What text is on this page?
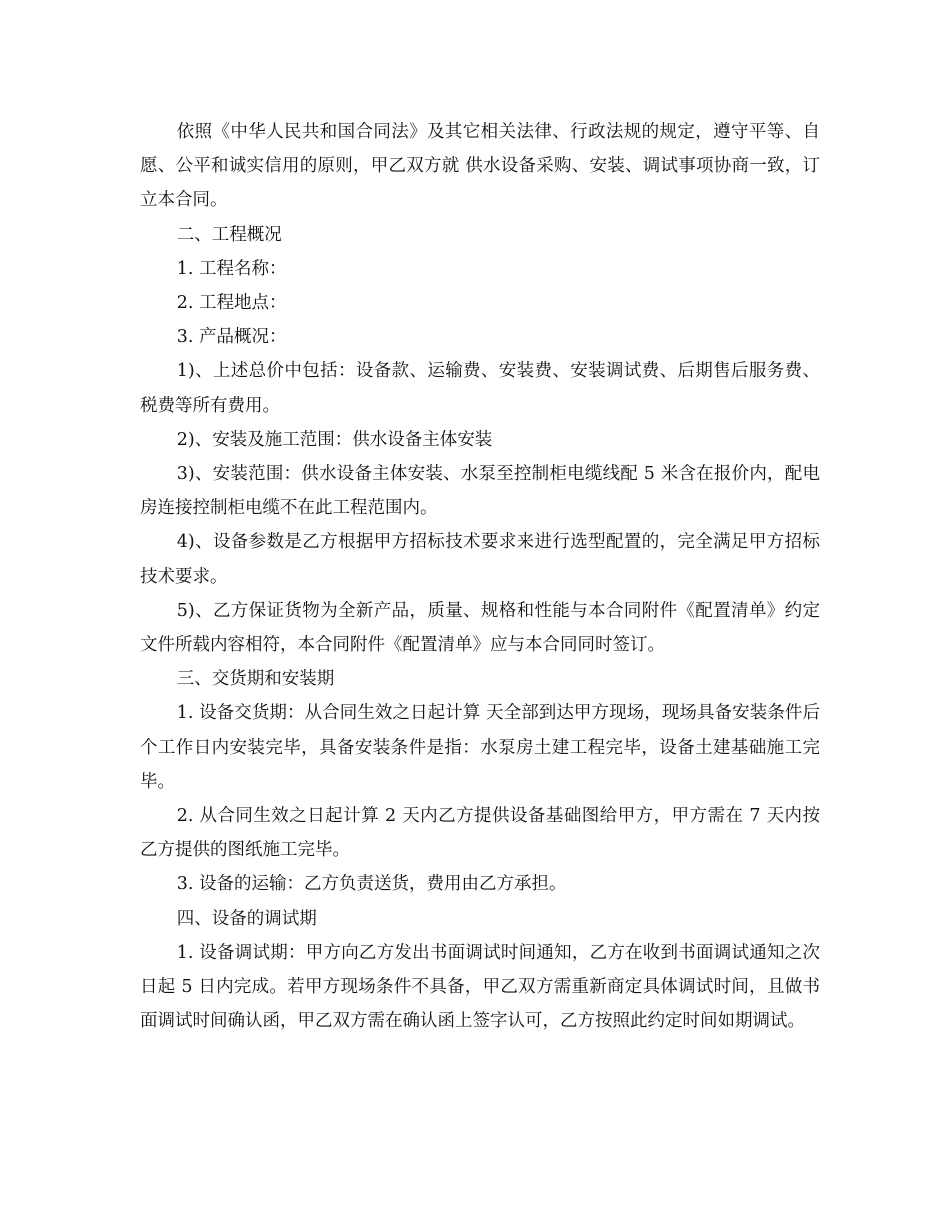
依照《中华人民共和国合同法》及其它相关法律、行政法规的规定，遵守平等、自愿、公平和诚实信用的原则，甲乙双方就 供水设备采购、安装、调试事项协商一致，订立本合同。

二、工程概况

1. 工程名称：

2. 工程地点：

3. 产品概况：

1)、上述总价中包括：设备款、运输费、安装费、安装调试费、后期售后服务费、税费等所有费用。

2)、安装及施工范围：供水设备主体安装

3)、安装范围：供水设备主体安装、水泵至控制柜电缆线配 5 米含在报价内，配电房连接控制柜电缆不在此工程范围内。

4)、设备参数是乙方根据甲方招标技术要求来进行选型配置的，完全满足甲方招标技术要求。

5)、乙方保证货物为全新产品，质量、规格和性能与本合同附件《配置清单》约定文件所载内容相符，本合同附件《配置清单》应与本合同同时签订。

三、交货期和安装期

1. 设备交货期：从合同生效之日起计算 天全部到达甲方现场，现场具备安装条件后个工作日内安装完毕，具备安装条件是指：水泵房土建工程完毕，设备土建基础施工完毕。

2. 从合同生效之日起计算 2 天内乙方提供设备基础图给甲方，甲方需在 7 天内按乙方提供的图纸施工完毕。

3. 设备的运输：乙方负责送货，费用由乙方承担。

四、设备的调试期

1. 设备调试期：甲方向乙方发出书面调试时间通知，乙方在收到书面调试通知之次日起 5 日内完成。若甲方现场条件不具备，甲乙双方需重新商定具体调试时间，且做书面调试时间确认函，甲乙双方需在确认函上签字认可，乙方按照此约定时间如期调试。
